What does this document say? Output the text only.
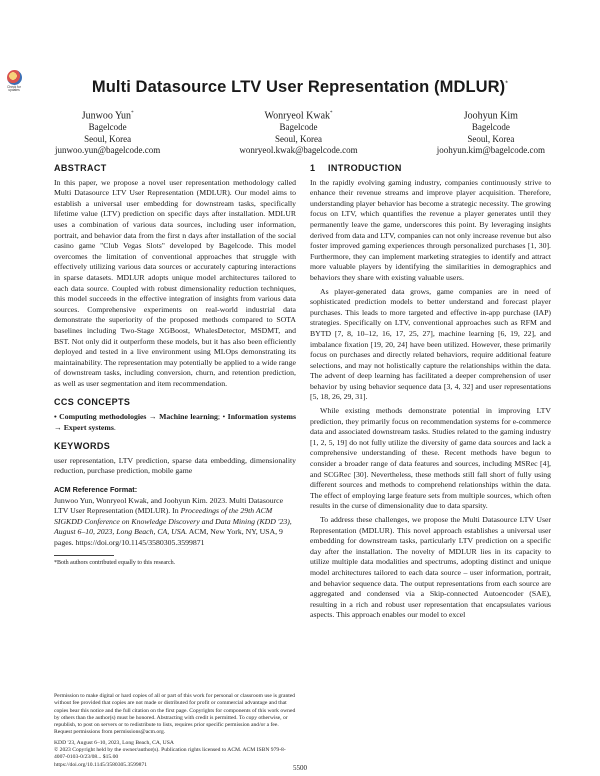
Check for updates	Multi Datasource LTV User Representation (MDLUR)*
Junwoo Yun*
Bagelcode
Seoul, Korea
junwoo.yun@bagelcode.com
Wonryeol Kwak*
Bagelcode
Seoul, Korea
wonryeol.kwak@bagelcode.com
Joohyun Kim
Bagelcode
Seoul, Korea
joohyun.kim@bagelcode.com
ABSTRACT

In this paper, we propose a novel user representation methodology called Multi Datasource LTV User Representation (MDLUR). Our model aims to establish a universal user embedding for downstream tasks, specifically lifetime value (LTV) prediction on specific days after installation. MDLUR uses a combination of various data sources, including user information, portrait, and behavior data from the first n days after installation of the social casino game "Club Vegas Slots" developed by Bagelcode. This model overcomes the limitation of conventional approaches that struggle with effectively utilizing various data sources or accurately capturing interactions in sparse datasets. MDLUR adopts unique model architectures tailored to each data source. Coupled with robust dimensionality reduction techniques, this model succeeds in the effective integration of insights from various data sources. Comprehensive experiments on real-world industrial data demonstrate the superiority of the proposed methods compared to SOTA baselines including Two-Stage XGBoost, WhalesDetector, MSDMT, and BST. Not only did it outperform these models, but it has also been efficiently deployed and tested in a live environment using MLOps demonstrating its maintainability. The representation may potentially be applied to a wide range of downstream tasks, including conversion, churn, and retention prediction, as well as user segmentation and item recommendation.

CCS CONCEPTS

• Computing methodologies → Machine learning; • Information systems → Expert systems.

KEYWORDS

user representation, LTV prediction, sparse data embedding, dimensionality reduction, purchase prediction, mobile game

ACM Reference Format:

Junwoo Yun, Wonryeol Kwak, and Joohyun Kim. 2023. Multi Datasource LTV User Representation (MDLUR). In Proceedings of the 29th ACM SIGKDD Conference on Knowledge Discovery and Data Mining (KDD '23), August 6–10, 2023, Long Beach, CA, USA. ACM, New York, NY, USA, 9 pages. https://doi.org/10.1145/3580305.3599871

*Both authors contributed equally to this research.

Permission to make digital or hard copies of all or part of this work for personal or classroom use is granted without fee provided that copies are not made or distributed for profit or commercial advantage and that copies bear this notice and the full citation on the first page. Copyrights for components of this work owned by others than the author(s) must be honored. Abstracting with credit is permitted. To copy otherwise, or republish, to post on servers or to redistribute to lists, requires prior specific permission and/or a fee. Request permissions from permissions@acm.org.

KDD '23, August 6–10, 2023, Long Beach, CA, USA

© 2023 Copyright held by the owner/author(s). Publication rights licensed to ACM. ACM ISBN 979-8-4007-0103-0/23/08... $15.00

https://doi.org/10.1145/3580305.3599871

1 INTRODUCTION

In the rapidly evolving gaming industry, companies continuously strive to enhance their revenue streams and improve player acquisition. Therefore, understanding player behavior has become a strategic necessity. The growing focus on LTV, which quantifies the revenue a player generates until they permanently leave the game, underscores this point. By leveraging insights derived from data and LTV, companies can not only increase revenue but also foster improved gaming experiences through personalized purchases [1, 30]. Furthermore, they can implement marketing strategies to identify and attract more valuable players by identifying the similarities in demographics and behaviors they share with existing valuable users.

As player-generated data grows, game companies are in need of sophisticated prediction models to better understand and forecast player purchases. This leads to more targeted and effective in-app purchase (IAP) strategies. Specifically on LTV, conventional approaches such as RFM and BYTD [7, 8, 10–12, 16, 17, 25, 27], machine learning [6, 19, 22], and imbalance fixation [19, 20, 24] have been utilized. However, these primarily focus on purchases and directly related behaviors, require additional feature selections, and may not holistically capture the relationships within the data. The advent of deep learning has facilitated a deeper comprehension of user behavior by using behavior sequence data [3, 4, 32] and user representations [5, 18, 26, 29, 31].

While existing methods demonstrate potential in improving LTV prediction, they primarily focus on recommendation systems for e-commerce data and associated downstream tasks. Studies related to the gaming industry [1, 2, 5, 19] do not fully utilize the diversity of game data sources and lack a comprehensive understanding of these. Recent methods have begun to consider a broader range of data features and sources, including MSRec [4], and SCGRec [30]. Nevertheless, these methods still fall short of fully using different sources and methods to comprehend relationships within the data. The effect of employing large feature sets from multiple sources, which often results in the curse of dimensionality due to data sparsity.

To address these challenges, we propose the Multi Datasource LTV User Representation (MDLUR). This novel approach establishes a universal user embedding for downstream tasks, particularly LTV prediction on a specific day after the installation. The novelty of MDLUR lies in its capacity to utilize multiple data modalities and spectrums, adopting distinct and unique model architectures tailored to each data source – user information, portrait, and behavior sequence data. The output representations from each source are aggregated and condensed via a Skip-connected Autoencoder (SAE), resulting in a rich and robust user representation that encapsulates various aspects. This approach enables our model to excel

5500
